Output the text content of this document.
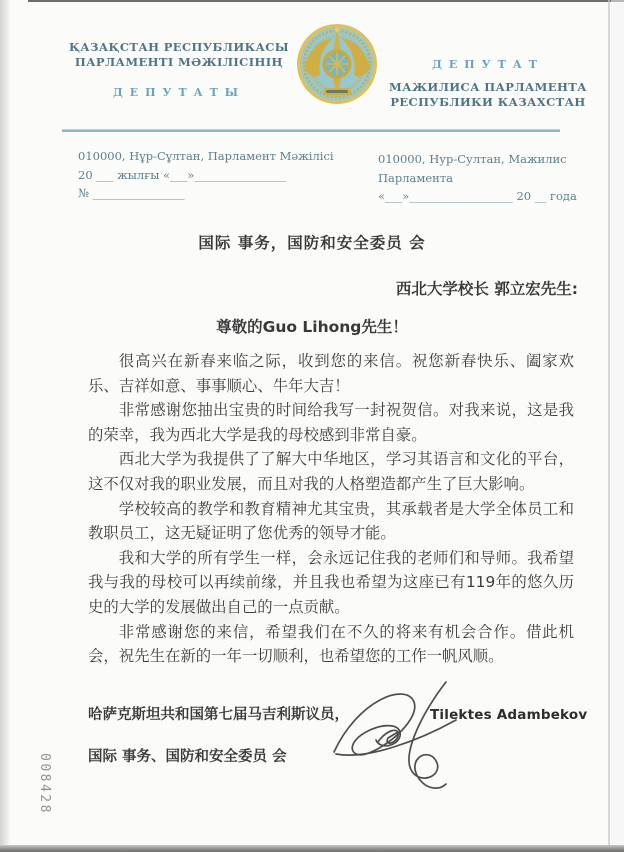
ҚАЗАҚСТАН РЕСПУБЛИКАСЫ
ПАРЛАМЕНТІ МӘЖІЛІСІНІҢ
ДЕПУТАТЫ
ДЕПУТАТ
МАЖИЛИСА ПАРЛАМЕНТА
РЕСПУБЛИКИ КАЗАХСТАН
010000, Нұр-Сұлтан, Парламент Мәжілісі
20 ___ жылғы «___»________________
№ ________________
010000, Нур-Султан, Мажилис Парламента
«___»__________________ 20 __ года
国际 事务，国防和安全委员 会
西北大学校长 郭立宏先生:
尊敬的Guo Lihong先生！

很高兴在新春来临之际，收到您的来信。祝您新春快乐、阖家欢乐、吉祥如意、事事顺心、牛年大吉！

非常感谢您抽出宝贵的时间给我写一封祝贺信。对我来说，这是我的荣幸，我为西北大学是我的母校感到非常自豪。

西北大学为我提供了了解大中华地区，学习其语言和文化的平台，这不仅对我的职业发展，而且对我的人格塑造都产生了巨大影响。

学校较高的教学和教育精神尤其宝贵，其承载者是大学全体员工和教职员工，这无疑证明了您优秀的领导才能。

我和大学的所有学生一样，会永远记住我的老师们和导师。我希望我与我的母校可以再续前缘，并且我也希望为这座已有119年的悠久历史的大学的发展做出自己的一点贡献。

非常感谢您的来信，希望我们在不久的将来有机会合作。借此机会，祝先生在新的一年一切顺利，也希望您的工作一帆风顺。

哈萨克斯坦共和国第七届马吉利斯议员，
国际 事务、国防和安全委员 会
Tilektes Adambekov
008428
